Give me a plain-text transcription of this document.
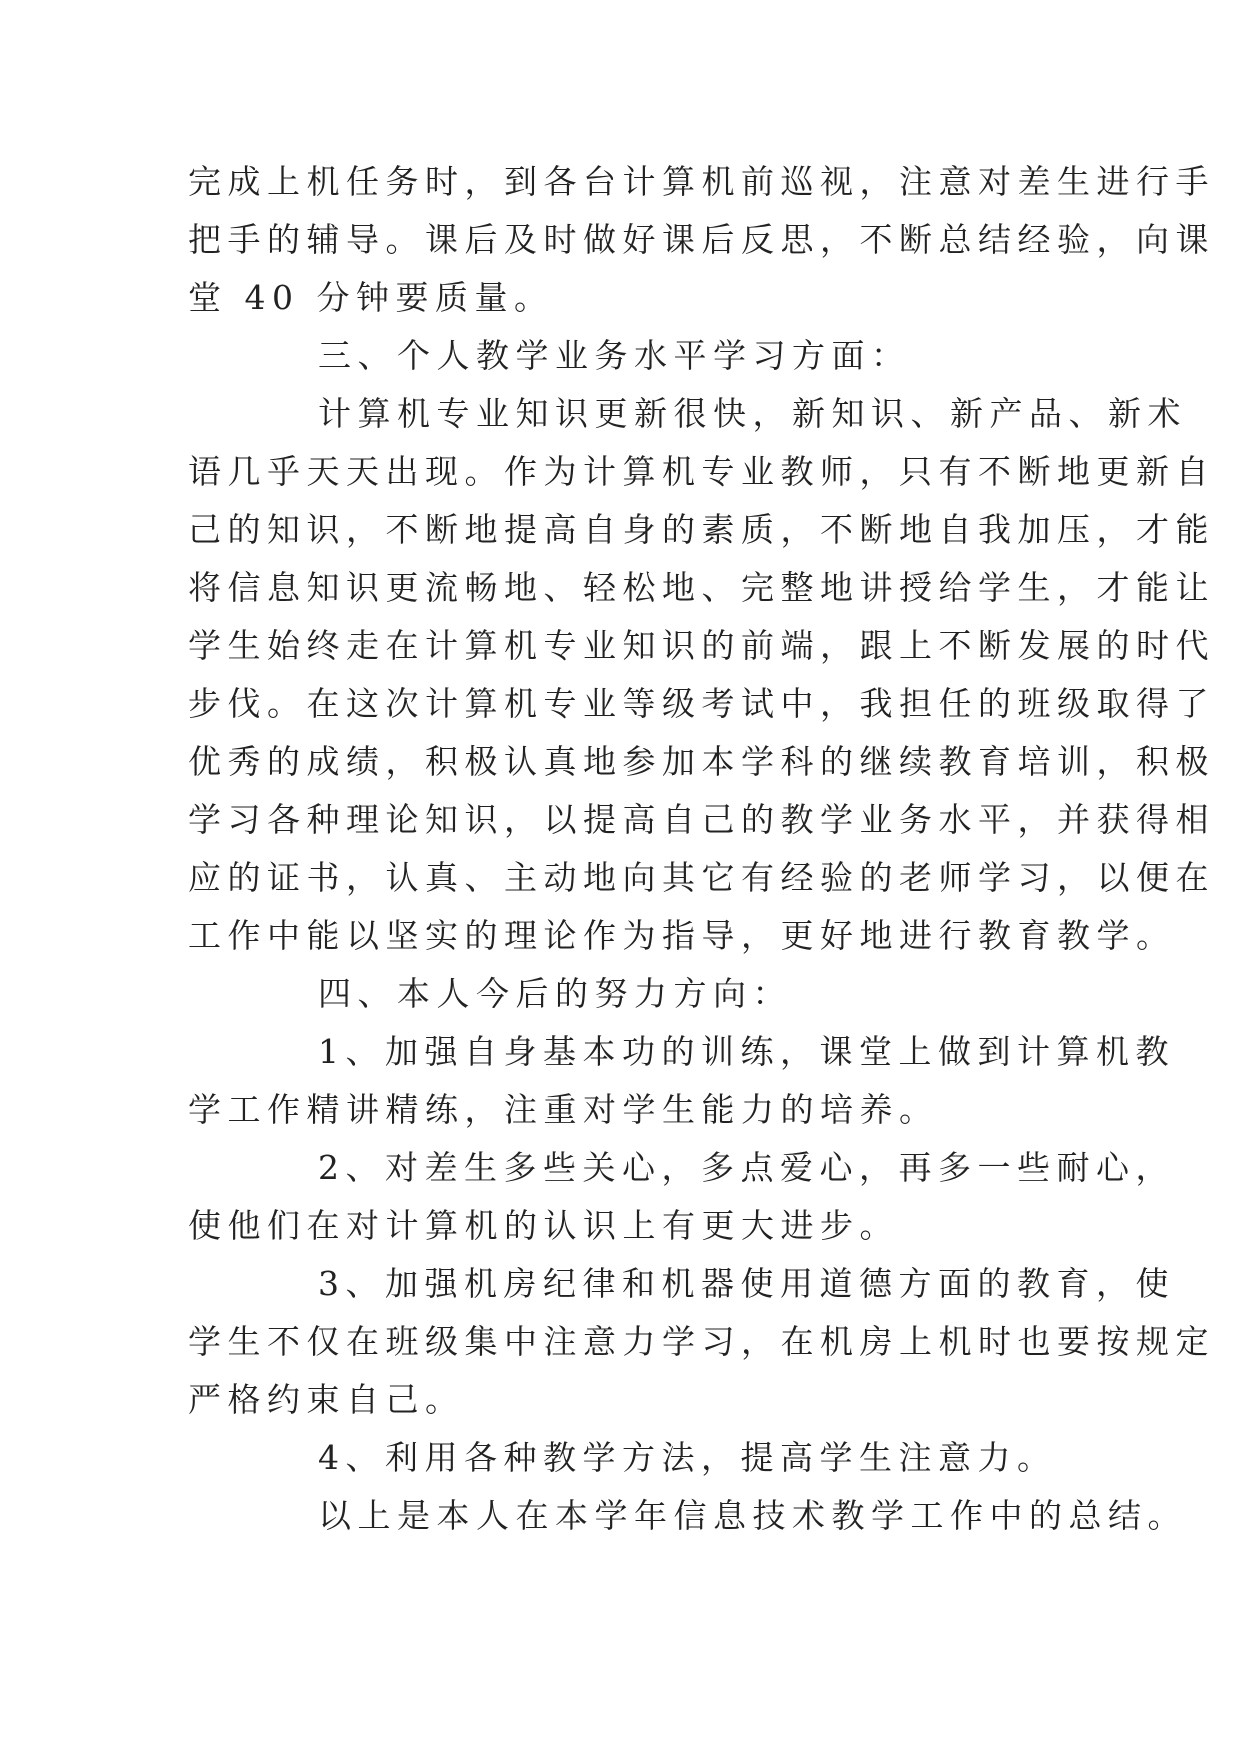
完成上机任务时，到各台计算机前巡视，注意对差生进行手
把手的辅导。课后及时做好课后反思，不断总结经验，向课
堂 40 分钟要质量。
三、个人教学业务水平学习方面：
计算机专业知识更新很快，新知识、新产品、新术
语几乎天天出现。作为计算机专业教师，只有不断地更新自
己的知识，不断地提高自身的素质，不断地自我加压，才能
将信息知识更流畅地、轻松地、完整地讲授给学生，才能让
学生始终走在计算机专业知识的前端，跟上不断发展的时代
步伐。在这次计算机专业等级考试中，我担任的班级取得了
优秀的成绩，积极认真地参加本学科的继续教育培训，积极
学习各种理论知识，以提高自己的教学业务水平，并获得相
应的证书，认真、主动地向其它有经验的老师学习，以便在
工作中能以坚实的理论作为指导，更好地进行教育教学。
四、本人今后的努力方向：
1、加强自身基本功的训练，课堂上做到计算机教
学工作精讲精练，注重对学生能力的培养。
2、对差生多些关心，多点爱心，再多一些耐心，
使他们在对计算机的认识上有更大进步。
3、加强机房纪律和机器使用道德方面的教育，使
学生不仅在班级集中注意力学习，在机房上机时也要按规定
严格约束自己。
4、利用各种教学方法，提高学生注意力。
以上是本人在本学年信息技术教学工作中的总结。
